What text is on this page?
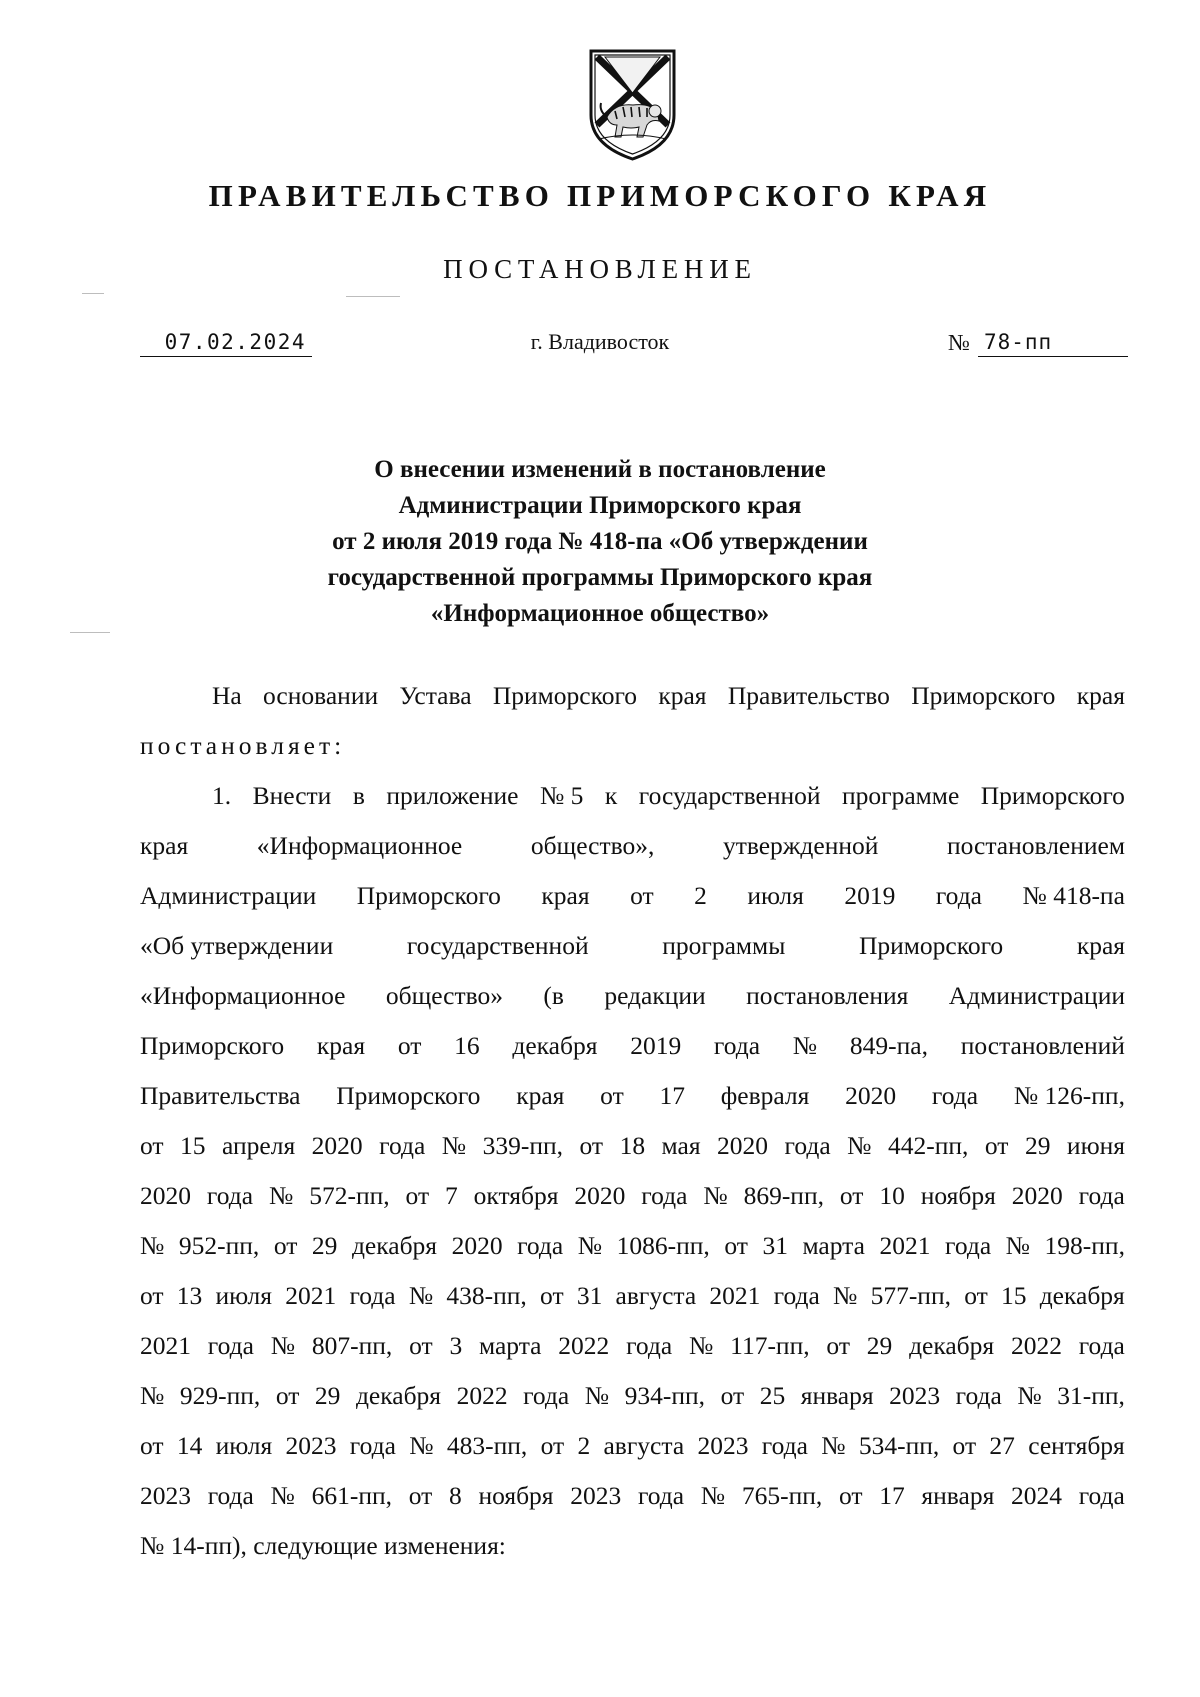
ПРАВИТЕЛЬСТВО ПРИМОРСКОГО КРАЯ
ПОСТАНОВЛЕНИЕ
07.02.2024	г. Владивосток	№ 78-пп
О внесении изменений в постановление
Администрации Приморского края
от 2 июля 2019 года № 418-па «Об утверждении
государственной программы Приморского края
«Информационное общество»
На основании Устава Приморского края Правительство Приморского края
постановляет:
1. Внести в приложение № 5 к государственной программе Приморского
края	«Информационное	общество»,	утвержденной	постановлением
Администрации Приморского края от 2 июля 2019 года № 418-па
«Об утверждении	государственной	программы	Приморского	края
«Информационное общество» (в редакции постановления Администрации
Приморского края от 16 декабря 2019 года № 849-па, постановлений
Правительства Приморского края от 17 февраля 2020 года № 126-пп,
от 15 апреля 2020 года № 339-пп, от 18 мая 2020 года № 442-пп, от 29 июня
2020 года № 572-пп, от 7 октября 2020 года № 869-пп, от 10 ноября 2020 года
№ 952-пп, от 29 декабря 2020 года № 1086-пп, от 31 марта 2021 года № 198-пп,
от 13 июля 2021 года № 438-пп, от 31 августа 2021 года № 577-пп, от 15 декабря
2021 года № 807-пп, от 3 марта 2022 года № 117-пп, от 29 декабря 2022 года
№ 929-пп, от 29 декабря 2022 года № 934-пп, от 25 января 2023 года № 31-пп,
от 14 июля 2023 года № 483-пп, от 2 августа 2023 года № 534-пп, от 27 сентября
2023 года № 661-пп, от 8 ноября 2023 года № 765-пп, от 17 января 2024 года
№ 14-пп), следующие изменения:
